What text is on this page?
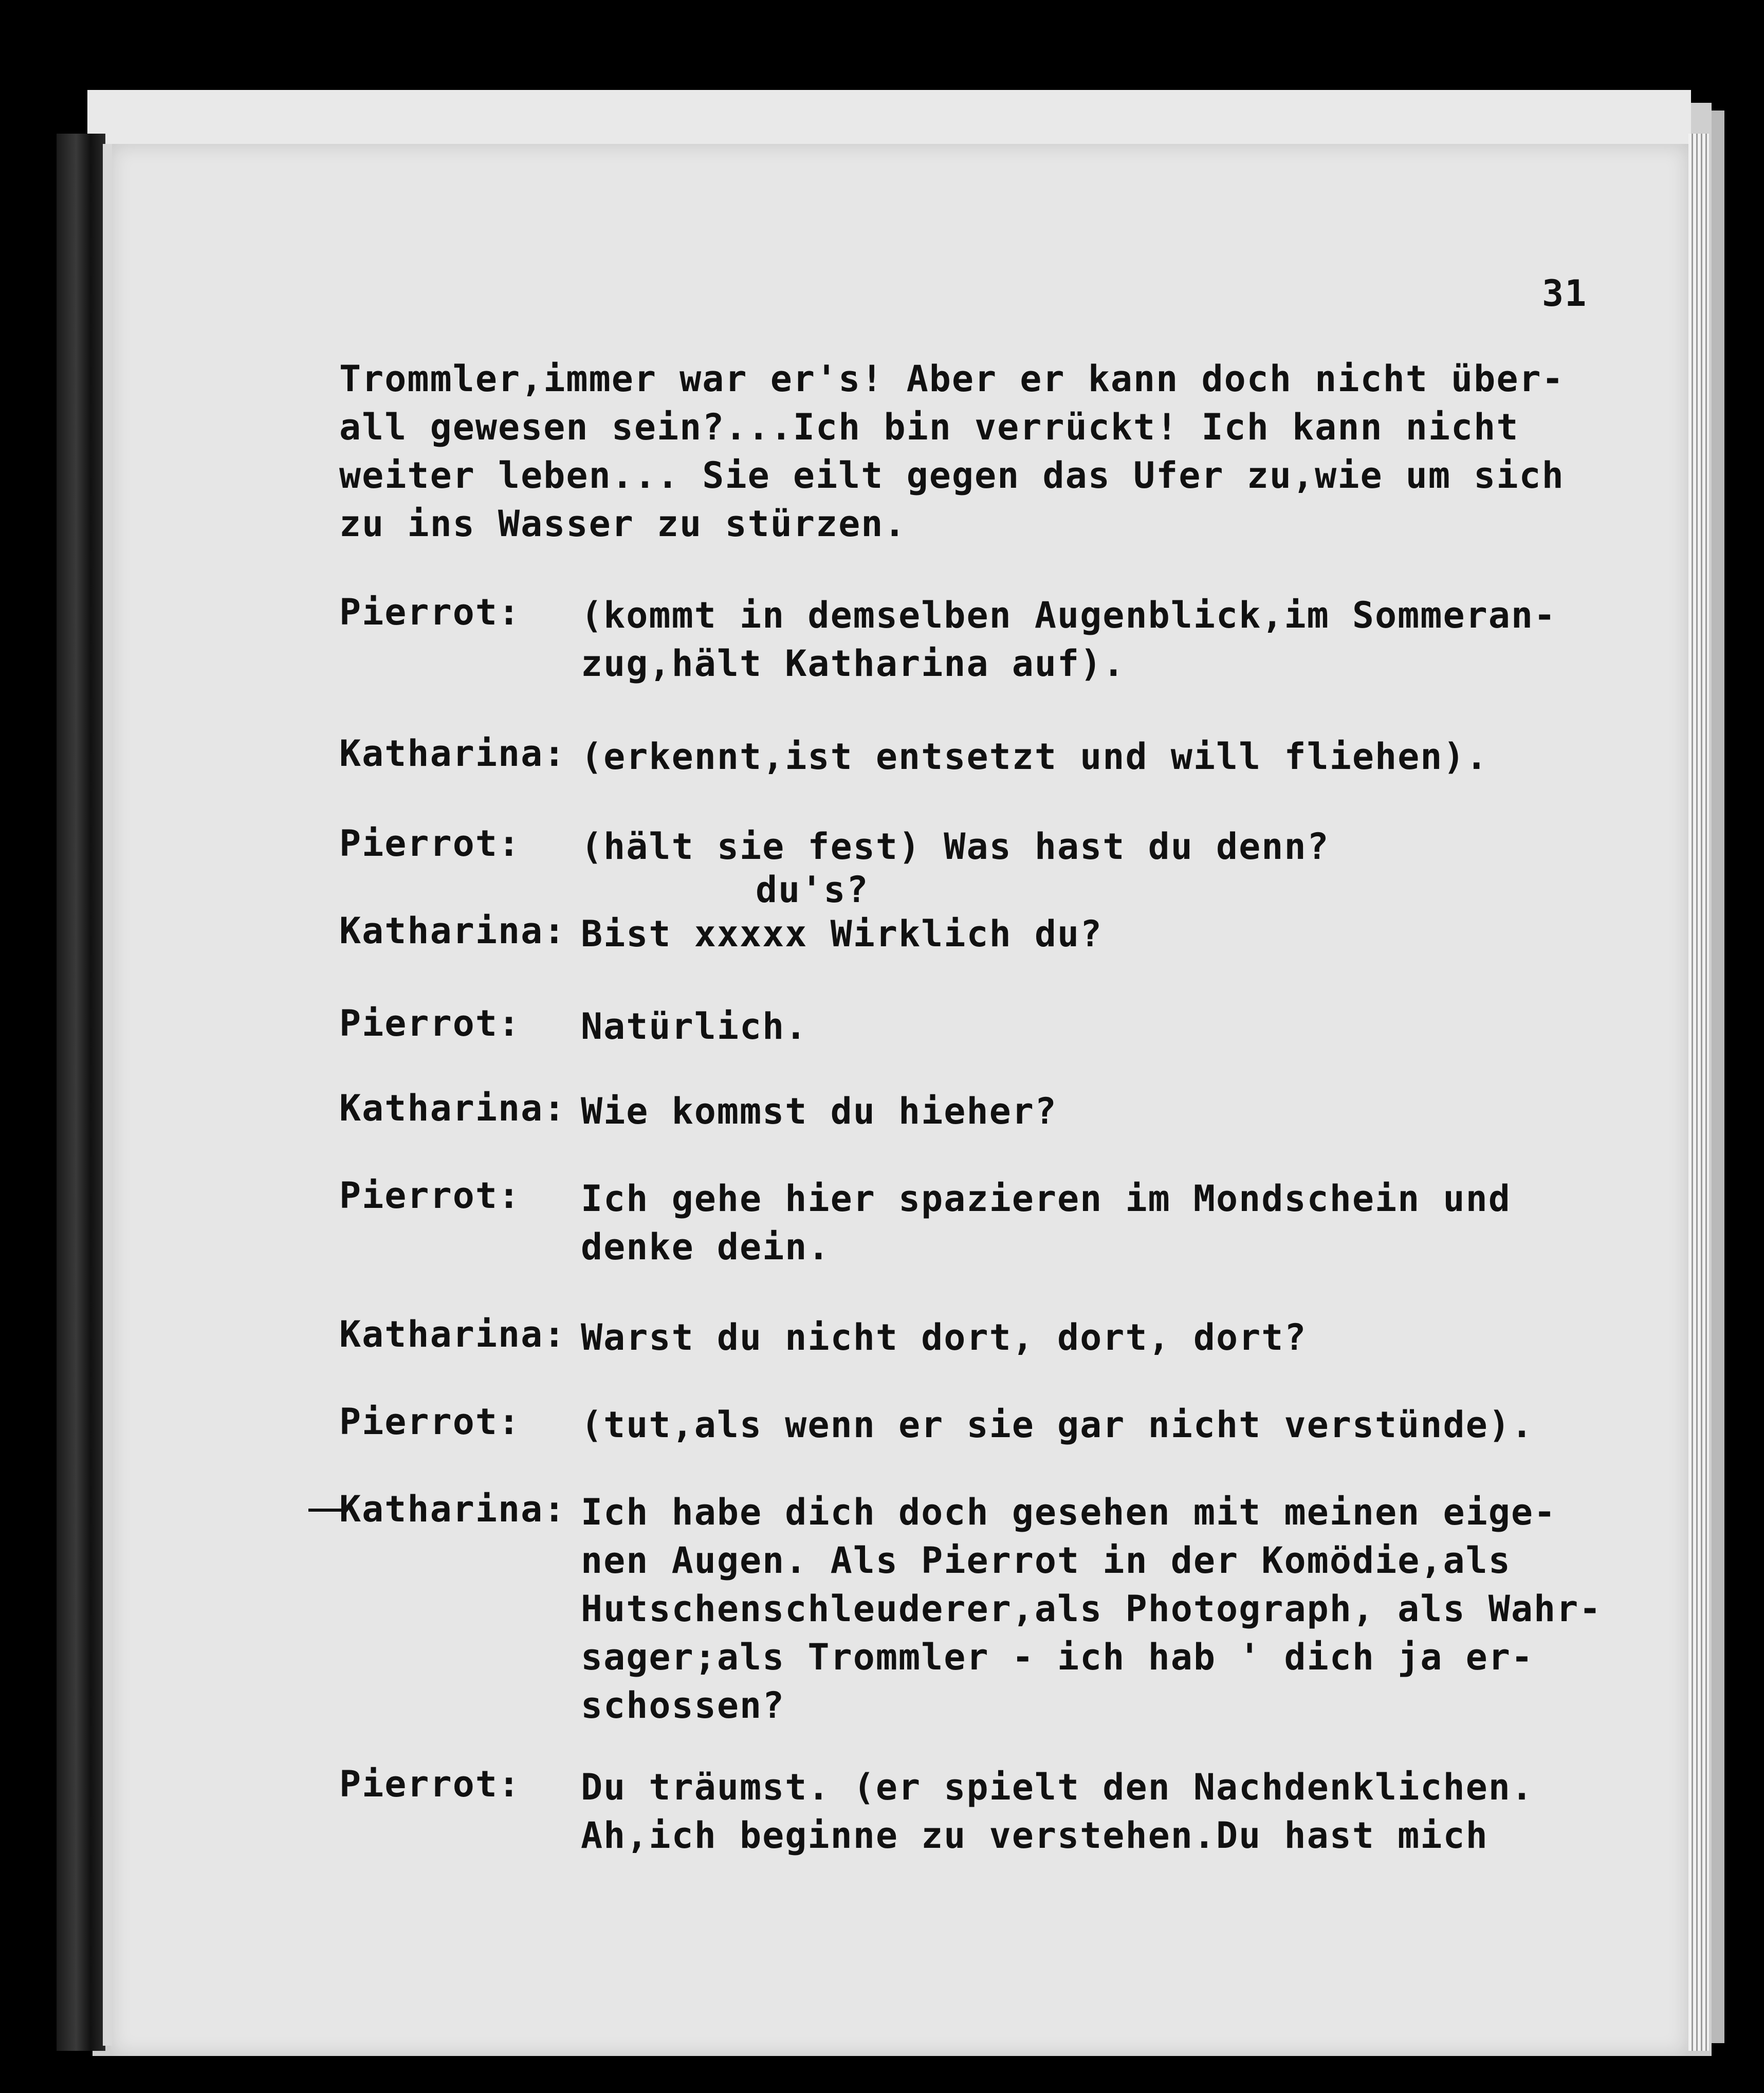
31
Trommler,immer war er's! Aber er kann doch nicht über-
all gewesen sein?...Ich bin verrückt! Ich kann nicht
weiter leben... Sie eilt gegen das Ufer zu,wie um sich
zu ins Wasser zu stürzen.
Pierrot: (kommt in demselben Augenblick,im Sommeran-
zug,hält Katharina auf).
Katharina: (erkennt,ist entsetzt und will fliehen).
Pierrot: (hält sie fest) Was hast du denn?
du's?
Katharina: Bist xxxxx Wirklich du?
Pierrot: Natürlich.
Katharina: Wie kommst du hieher?
Pierrot: Ich gehe hier spazieren im Mondschein und
denke dein.
Katharina: Warst du nicht dort, dort, dort?
Pierrot: (tut,als wenn er sie gar nicht verstünde).
Katharina: Ich habe dich doch gesehen mit meinen eige-
nen Augen. Als Pierrot in der Komödie,als
Hutschenschleuderer,als Photograph, als Wahr-
sager;als Trommler - ich hab ' dich ja er-
schossen?
Pierrot: Du träumst. (er spielt den Nachdenklichen.
Ah,ich beginne zu verstehen.Du hast mich
